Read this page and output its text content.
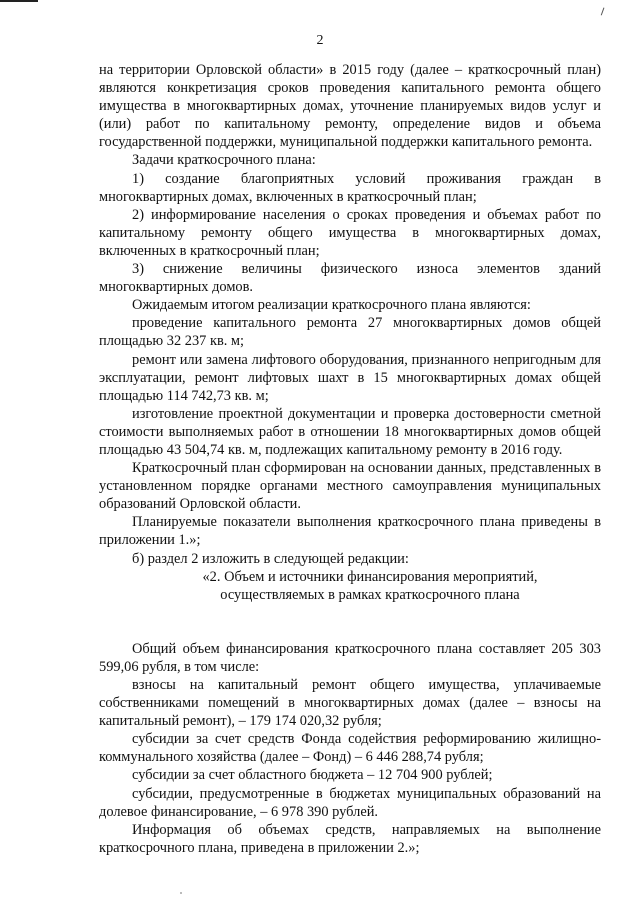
2

на территории Орловской области» в 2015 году (далее – краткосрочный план) являются конкретизация сроков проведения капитального ремонта общего имущества в многоквартирных домах, уточнение планируемых видов услуг и (или) работ по капитальному ремонту, определение видов и объема государственной поддержки, муниципальной поддержки капитального ремонта.

Задачи краткосрочного плана:

1) создание благоприятных условий проживания граждан в многоквартирных домах, включенных в краткосрочный план;

2) информирование населения о сроках проведения и объемах работ по капитальному ремонту общего имущества в многоквартирных домах, включенных в краткосрочный план;

3) снижение величины физического износа элементов зданий многоквартирных домов.

Ожидаемым итогом реализации краткосрочного плана являются:

проведение капитального ремонта 27 многоквартирных домов общей площадью 32 237 кв. м;

ремонт или замена лифтового оборудования, признанного непригодным для эксплуатации, ремонт лифтовых шахт в 15 многоквартирных домах общей площадью 114 742,73 кв. м;

изготовление проектной документации и проверка достоверности сметной стоимости выполняемых работ в отношении 18 многоквартирных домов общей площадью 43 504,74 кв. м, подлежащих капитальному ремонту в 2016 году.

Краткосрочный план сформирован на основании данных, представленных в установленном порядке органами местного самоуправления муниципальных образований Орловской области.

Планируемые показатели выполнения краткосрочного плана приведены в приложении 1.»;

б) раздел 2 изложить в следующей редакции:

«2. Объем и источники финансирования мероприятий,

осуществляемых в рамках краткосрочного плана

Общий объем финансирования краткосрочного плана составляет 205 303 599,06 рубля, в том числе:

взносы на капитальный ремонт общего имущества, уплачиваемые собственниками помещений в многоквартирных домах (далее – взносы на капитальный ремонт), – 179 174 020,32 рубля;

субсидии за счет средств Фонда содействия реформированию жилищно-коммунального хозяйства (далее – Фонд) – 6 446 288,74 рубля;

субсидии за счет областного бюджета – 12 704 900 рублей;

субсидии, предусмотренные в бюджетах муниципальных образований на долевое финансирование, – 6 978 390 рублей.

Информация об объемах средств, направляемых на выполнение краткосрочного плана, приведена в приложении 2.»;
